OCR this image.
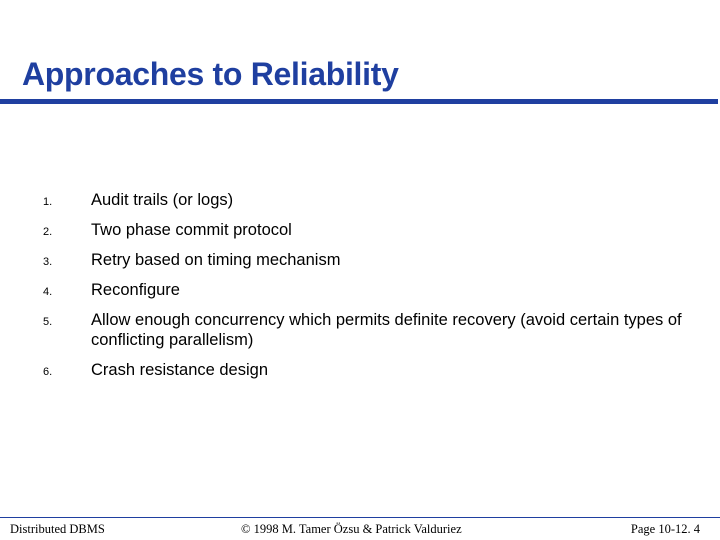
Approaches to Reliability
1. Audit trails (or logs)
2. Two phase commit protocol
3. Retry based on timing mechanism
4. Reconfigure
5. Allow enough concurrency which permits definite recovery (avoid certain types of conflicting parallelism)
6. Crash resistance design
Distributed DBMS	© 1998 M. Tamer Özsu & Patrick Valduriez	Page 10-12. 4
